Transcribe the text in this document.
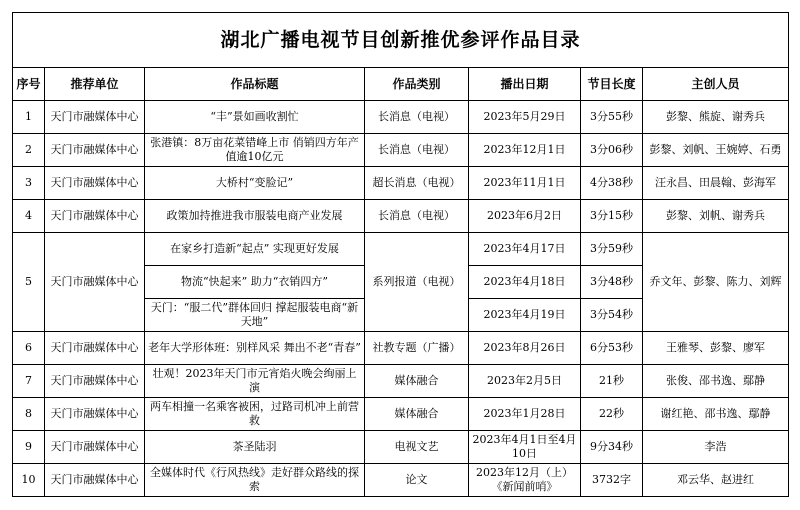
湖北广播电视节目创新推优参评作品目录						
序号	推荐单位	作品标题	作品类别	播出日期	节目长度	主创人员
1	天门市融媒体中心	“丰”景如画收割忙	长消息（电视）	2023年5月29日	3分55秒	彭黎、熊旋、谢秀兵
2	天门市融媒体中心	张港镇：8万亩花菜错峰上市 俏销四方年产值逾10亿元	长消息（电视）	2023年12月1日	3分06秒	彭黎、刘帆、王婉婷、石勇
3	天门市融媒体中心	大桥村“变脸记”	超长消息（电视）	2023年11月1日	4分38秒	汪永昌、田晨翰、彭海军
4	天门市融媒体中心	政策加持推进我市服装电商产业发展	长消息（电视）	2023年6月2日	3分15秒	彭黎、刘帆、谢秀兵
5	天门市融媒体中心	在家乡打造新“起点” 实现更好发展	系列报道（电视）	2023年4月17日	3分59秒	乔文年、彭黎、陈力、刘辉
		物流“快起来” 助力“衣销四方”		2023年4月18日	3分48秒	
		天门：“服二代”群体回归 撑起服装电商“新天地”		2023年4月19日	3分54秒	
6	天门市融媒体中心	老年大学形体班：别样风采 舞出不老“青春”	社教专题（广播）	2023年8月26日	6分53秒	王雅琴、彭黎、廖军
7	天门市融媒体中心	壮观！2023年天门市元宵焰火晚会绚丽上演	媒体融合	2023年2月5日	21秒	张俊、邵书逸、鄢静
8	天门市融媒体中心	两车相撞一名乘客被困，过路司机冲上前营救	媒体融合	2023年1月28日	22秒	谢红艳、邵书逸、鄢静
9	天门市融媒体中心	茶圣陆羽	电视文艺	2023年4月1日至4月10日	9分34秒	李浩
10	天门市融媒体中心	全媒体时代《行风热线》走好群众路线的探索	论文	2023年12月（上）《新闻前哨》	3732字	邓云华、赵进红
